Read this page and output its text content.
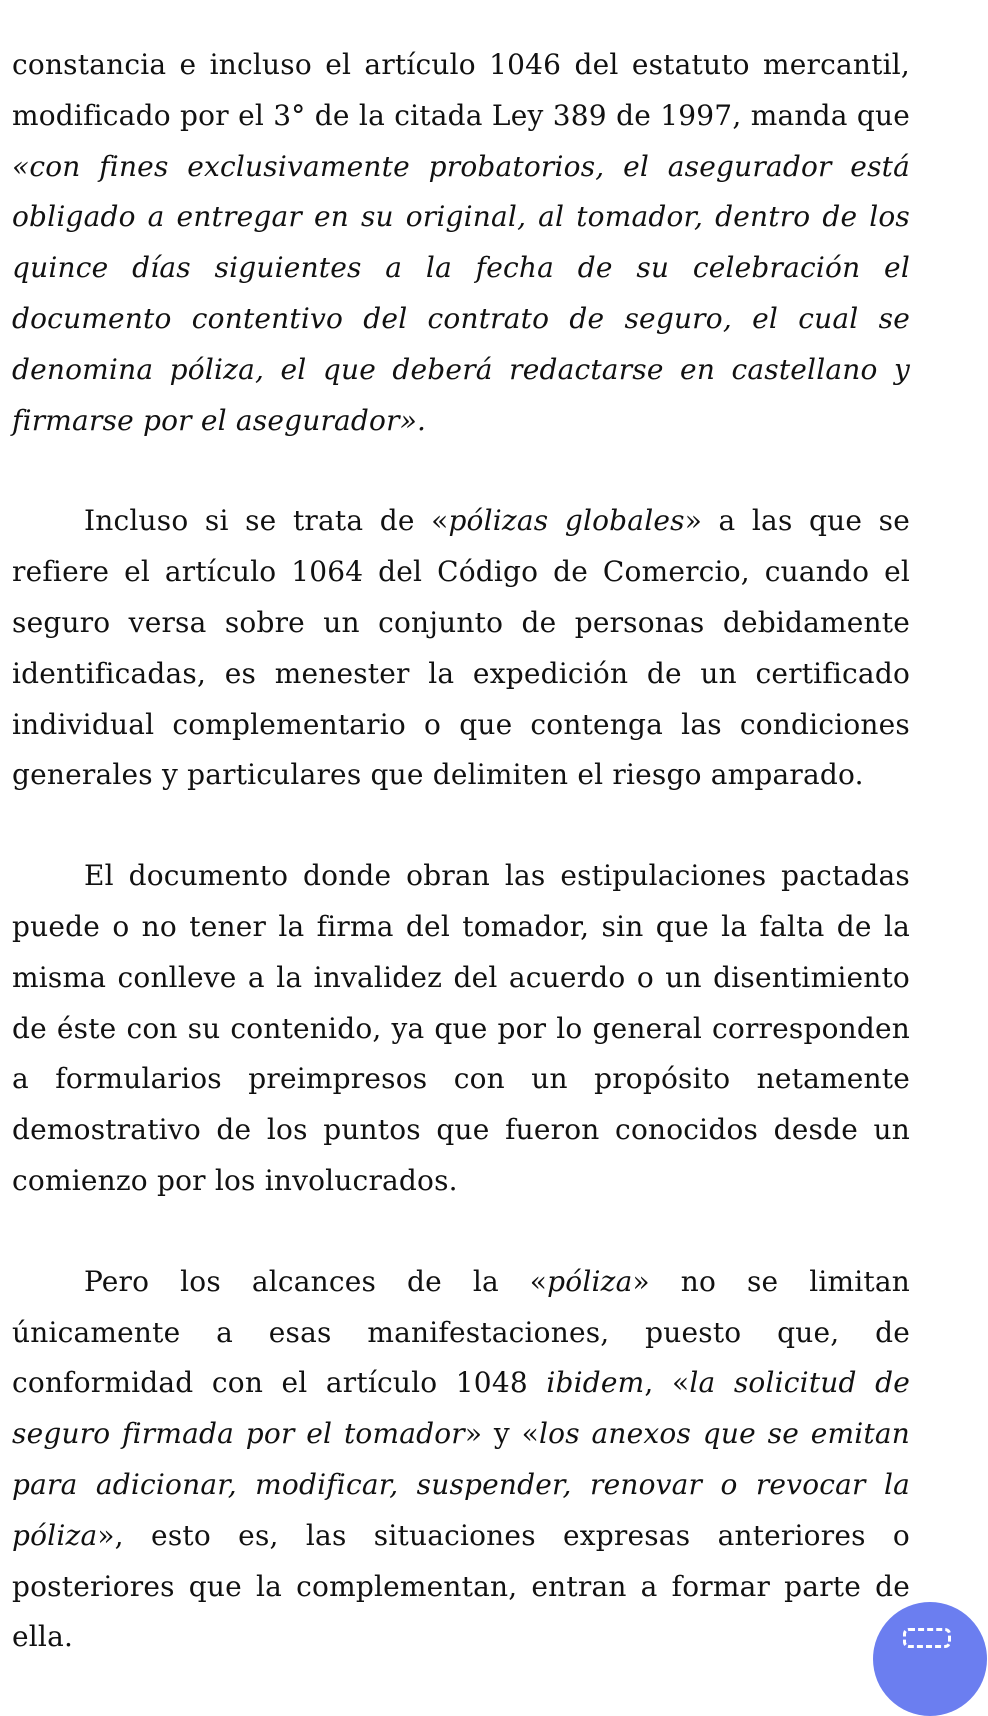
constancia e incluso el artículo 1046 del estatuto mercantil, modificado por el 3° de la citada Ley 389 de 1997, manda que «con fines exclusivamente probatorios, el asegurador está obligado a entregar en su original, al tomador, dentro de los quince días siguientes a la fecha de su celebración el documento contentivo del contrato de seguro, el cual se denomina póliza, el que deberá redactarse en castellano y firmarse por el asegurador».

Incluso si se trata de «pólizas globales» a las que se refiere el artículo 1064 del Código de Comercio, cuando el seguro versa sobre un conjunto de personas debidamente identificadas, es menester la expedición de un certificado individual complementario o que contenga las condiciones generales y particulares que delimiten el riesgo amparado.

El documento donde obran las estipulaciones pactadas puede o no tener la firma del tomador, sin que la falta de la misma conlleve a la invalidez del acuerdo o un disentimiento de éste con su contenido, ya que por lo general corresponden a formularios preimpresos con un propósito netamente demostrativo de los puntos que fueron conocidos desde un comienzo por los involucrados.

Pero los alcances de la «póliza» no se limitan únicamente a esas manifestaciones, puesto que, de conformidad con el artículo 1048 ibidem, «la solicitud de seguro firmada por el tomador» y «los anexos que se emitan para adicionar, modificar, suspender, renovar o revocar la póliza», esto es, las situaciones expresas anteriores o posteriores que la complementan, entran a formar parte de ella.
